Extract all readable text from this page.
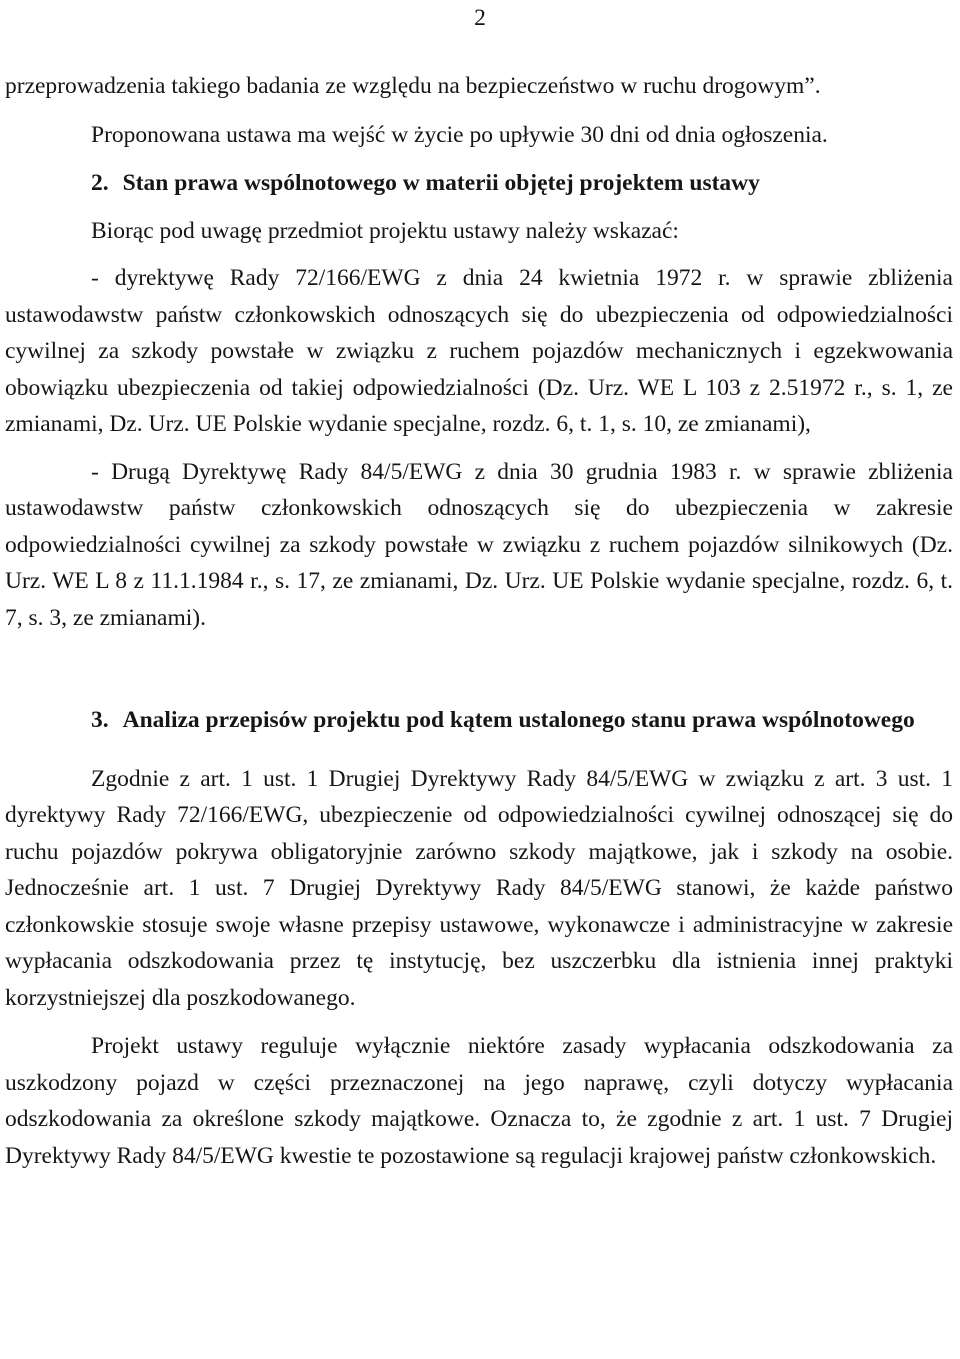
2

przeprowadzenia takiego badania ze względu na bezpieczeństwo w ruchu drogowym”.

Proponowana ustawa ma wejść w życie po upływie 30 dni od dnia ogłoszenia.

2. Stan prawa wspólnotowego w materii objętej projektem ustawy

Biorąc pod uwagę przedmiot projektu ustawy należy wskazać:

- dyrektywę Rady 72/166/EWG z dnia 24 kwietnia 1972 r. w sprawie zbliżenia ustawodawstw państw członkowskich odnoszących się do ubezpieczenia od odpowiedzialności cywilnej za szkody powstałe w związku z ruchem pojazdów mechanicznych i egzekwowania obowiązku ubezpieczenia od takiej odpowiedzialności (Dz. Urz. WE L 103 z 2.51972 r., s. 1, ze zmianami, Dz. Urz. UE Polskie wydanie specjalne, rozdz. 6, t. 1, s. 10, ze zmianami),

- Drugą Dyrektywę Rady 84/5/EWG z dnia 30 grudnia 1983 r. w sprawie zbliżenia ustawodawstw państw członkowskich odnoszących się do ubezpieczenia w zakresie odpowiedzialności cywilnej za szkody powstałe w związku z ruchem pojazdów silnikowych (Dz. Urz. WE L 8 z 11.1.1984 r., s. 17, ze zmianami, Dz. Urz. UE Polskie wydanie specjalne, rozdz. 6, t. 7, s. 3, ze zmianami).

3. Analiza przepisów projektu pod kątem ustalonego stanu prawa wspólnotowego

Zgodnie z art. 1 ust. 1 Drugiej Dyrektywy Rady 84/5/EWG w związku z art. 3 ust. 1 dyrektywy Rady 72/166/EWG, ubezpieczenie od odpowiedzialności cywilnej odnoszącej się do ruchu pojazdów pokrywa obligatoryjnie zarówno szkody majątkowe, jak i szkody na osobie. Jednocześnie art. 1 ust. 7 Drugiej Dyrektywy Rady 84/5/EWG stanowi, że każde państwo członkowskie stosuje swoje własne przepisy ustawowe, wykonawcze i administracyjne w zakresie wypłacania odszkodowania przez tę instytucję, bez uszczerbku dla istnienia innej praktyki korzystniejszej dla poszkodowanego.

Projekt ustawy reguluje wyłącznie niektóre zasady wypłacania odszkodowania za uszkodzony pojazd w części przeznaczonej na jego naprawę, czyli dotyczy wypłacania odszkodowania za określone szkody majątkowe. Oznacza to, że zgodnie z art. 1 ust. 7 Drugiej Dyrektywy Rady 84/5/EWG kwestie te pozostawione są regulacji krajowej państw członkowskich.
